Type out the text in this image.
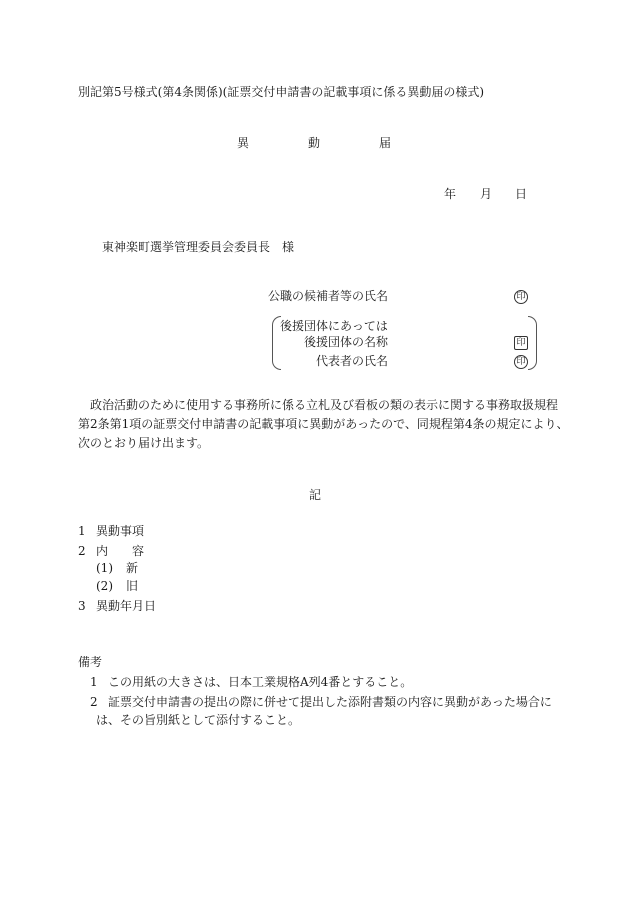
別記第5号様式(第4条関係)(証票交付申請書の記載事項に係る異動届の様式)
異	動	届
年 月 日
東神楽町選挙管理委員会委員長　様
公職の候補者等の氏名	印
後援団体にあっては
後援団体の名称	印
代表者の氏名	印
政治活動のために使用する事務所に係る立札及び看板の類の表示に関する事務取扱規程
第2条第1項の証票交付申請書の記載事項に異動があったので、同規程第4条の規定により、
次のとおり届け出ます。
記
1 異動事項
2 内　　容
(1) 新
(2) 旧
3 異動年月日
備考
1 この用紙の大きさは、日本工業規格A列4番とすること。
2 証票交付申請書の提出の際に併せて提出した添附書類の内容に異動があった場合に
は、その旨別紙として添付すること。
